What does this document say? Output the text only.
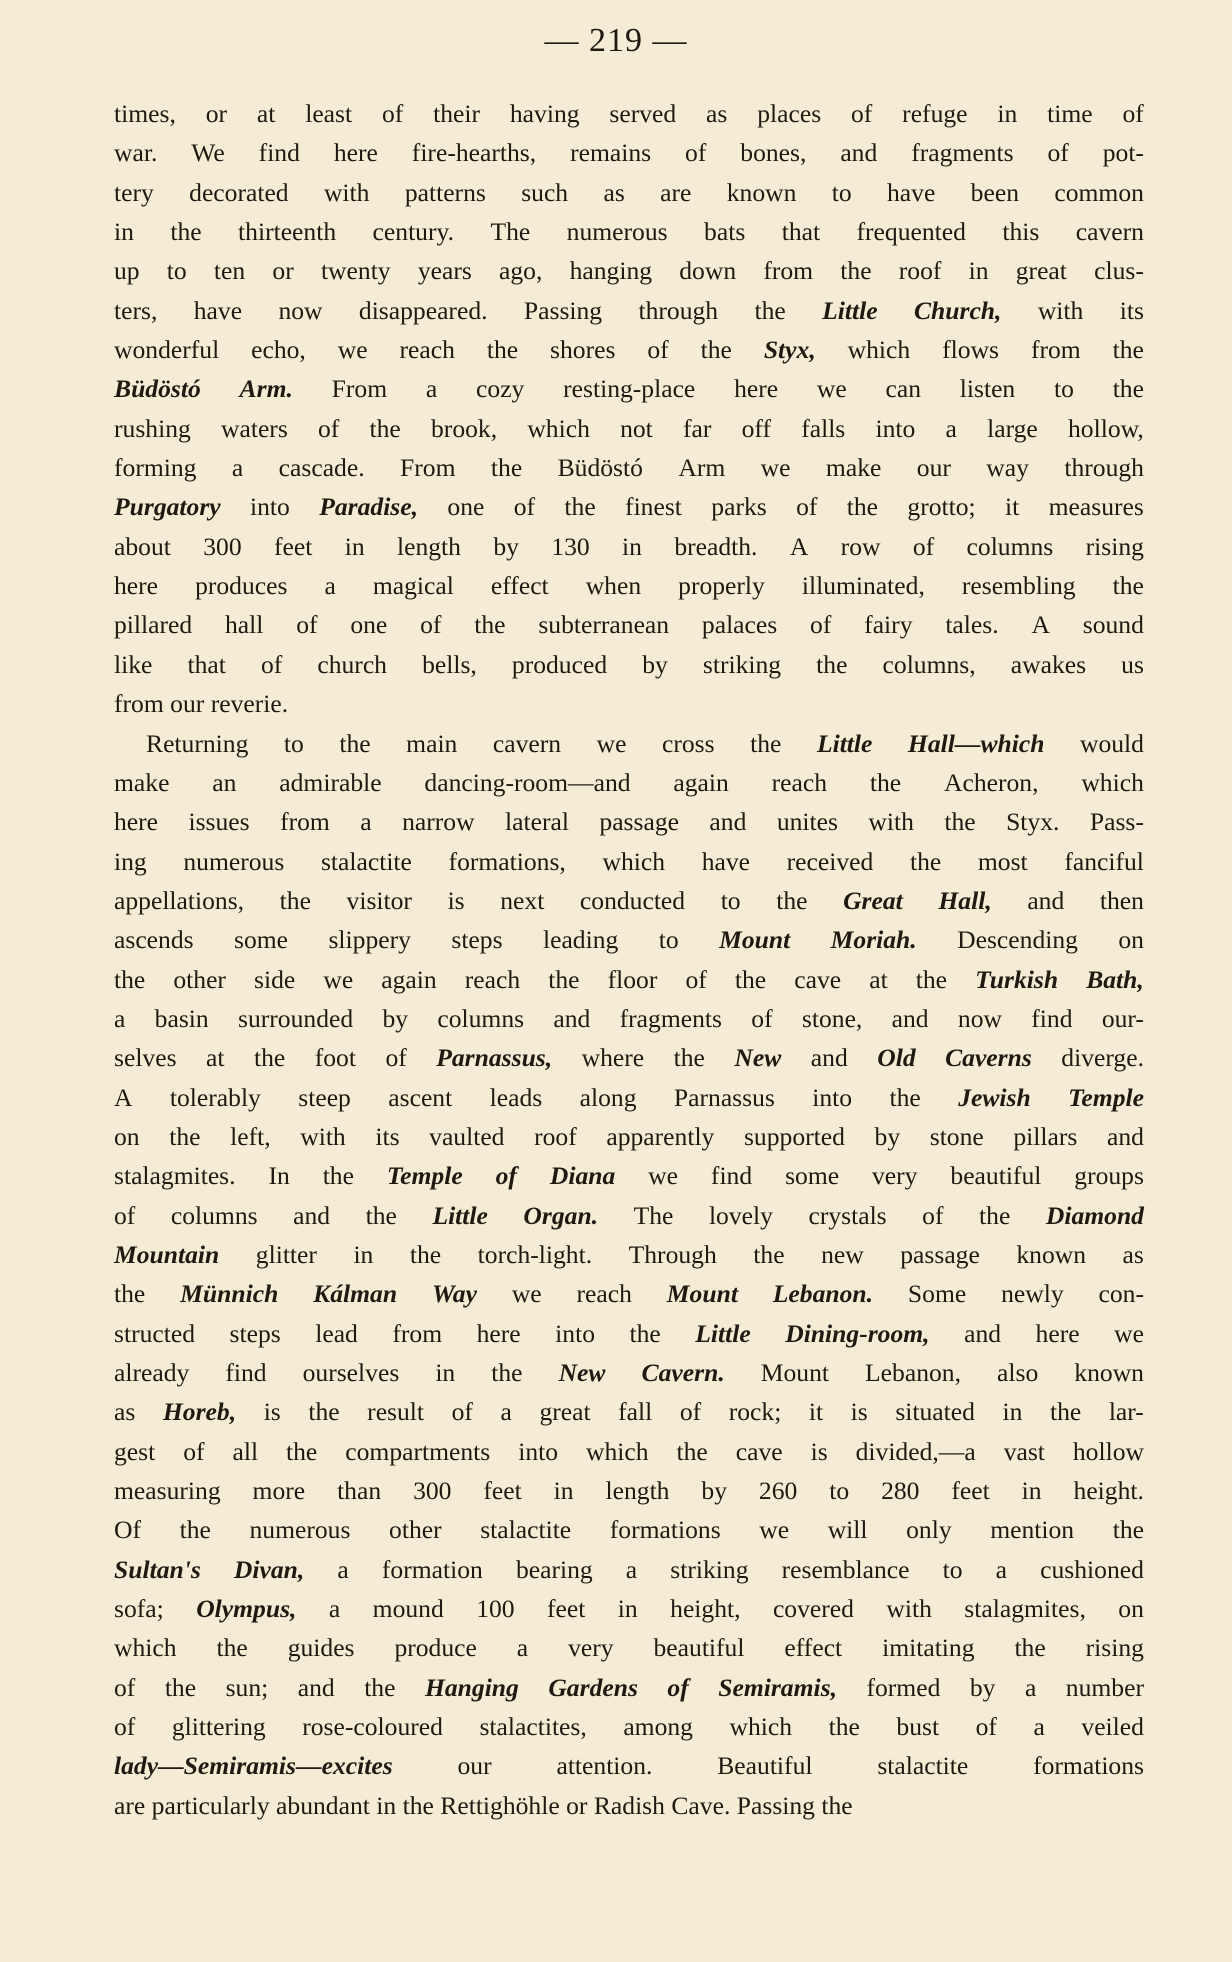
— 219 —
times, or at least of their having served as places of refuge in time of
war. We find here fire-hearths, remains of bones, and fragments of pot-
tery decorated with patterns such as are known to have been common
in the thirteenth century. The numerous bats that frequented this cavern
up to ten or twenty years ago, hanging down from the roof in great clus-
ters, have now disappeared. Passing through the Little Church, with its
wonderful echo, we reach the shores of the Styx, which flows from the
Büdöstó Arm. From a cozy resting-place here we can listen to the
rushing waters of the brook, which not far off falls into a large hollow,
forming a cascade. From the Büdöstó Arm we make our way through
Purgatory into Paradise, one of the finest parks of the grotto; it measures
about 300 feet in length by 130 in breadth. A row of columns rising
here produces a magical effect when properly illuminated, resembling the
pillared hall of one of the subterranean palaces of fairy tales. A sound
like that of church bells, produced by striking the columns, awakes us
from our reverie.
Returning to the main cavern we cross the Little Hall—which would
make an admirable dancing-room—and again reach the Acheron, which
here issues from a narrow lateral passage and unites with the Styx. Pass-
ing numerous stalactite formations, which have received the most fanciful
appellations, the visitor is next conducted to the Great Hall, and then
ascends some slippery steps leading to Mount Moriah. Descending on
the other side we again reach the floor of the cave at the Turkish Bath,
a basin surrounded by columns and fragments of stone, and now find our-
selves at the foot of Parnassus, where the New and Old Caverns diverge.
A tolerably steep ascent leads along Parnassus into the Jewish Temple
on the left, with its vaulted roof apparently supported by stone pillars and
stalagmites. In the Temple of Diana we find some very beautiful groups
of columns and the Little Organ. The lovely crystals of the Diamond
Mountain glitter in the torch-light. Through the new passage known as
the Münnich Kálman Way we reach Mount Lebanon. Some newly con-
structed steps lead from here into the Little Dining-room, and here we
already find ourselves in the New Cavern. Mount Lebanon, also known
as Horeb, is the result of a great fall of rock; it is situated in the lar-
gest of all the compartments into which the cave is divided,—a vast hollow
measuring more than 300 feet in length by 260 to 280 feet in height.
Of the numerous other stalactite formations we will only mention the
Sultan's Divan, a formation bearing a striking resemblance to a cushioned
sofa; Olympus, a mound 100 feet in height, covered with stalagmites, on
which the guides produce a very beautiful effect imitating the rising
of the sun; and the Hanging Gardens of Semiramis, formed by a number
of glittering rose-coloured stalactites, among which the bust of a veiled
lady—Semiramis—excites	our	attention.	Beautiful	stalactite	formations
are particularly abundant in the Rettighöhle or Radish Cave. Passing the
